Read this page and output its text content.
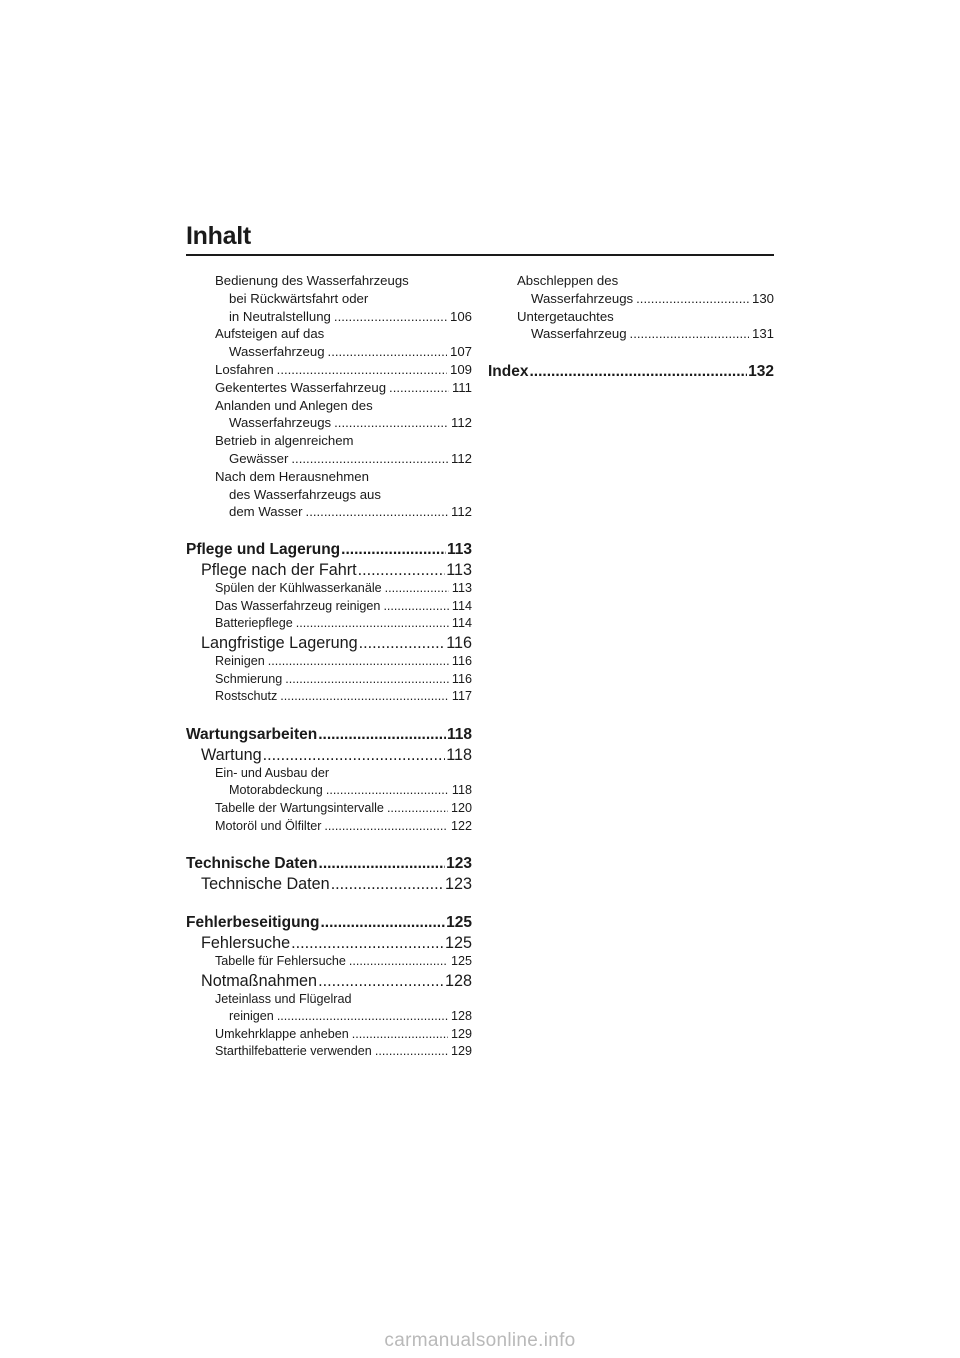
Inhalt
Bedienung des Wasserfahrzeugs
bei Rückwärtsfahrt oder
in Neutralstellung .....	106
Aufsteigen auf das
Wasserfahrzeug .....	107
Losfahren .....	109
Gekentertes Wasserfahrzeug .....	111
Anlanden und Anlegen des
Wasserfahrzeugs .....	112
Betrieb in algenreichem
Gewässer .....	112
Nach dem Herausnehmen
des Wasserfahrzeugs aus
dem Wasser .....	112
Pflege und Lagerung .....	113
Pflege nach der Fahrt .....	113
Spülen der Kühlwasserkanäle .....	113
Das Wasserfahrzeug reinigen .....	114
Batteriepflege .....	114
Langfristige Lagerung .....	116
Reinigen .....	116
Schmierung .....	116
Rostschutz .....	117
Wartungsarbeiten .....	118
Wartung .....	118
Ein- und Ausbau der
Motorabdeckung .....	118
Tabelle der Wartungsintervalle .....	120
Motoröl und Ölfilter .....	122
Technische Daten .....	123
Technische Daten .....	123
Fehlerbeseitigung .....	125
Fehlersuche .....	125
Tabelle für Fehlersuche .....	125
Notmaßnahmen .....	128
Jeteinlass und Flügelrad
reinigen .....	128
Umkehrklappe anheben .....	129
Starthilfebatterie verwenden .....	129
Abschleppen des
Wasserfahrzeugs .....	130
Untergetauchtes
Wasserfahrzeug .....	131
Index .....	132
carmanualsonline.info
